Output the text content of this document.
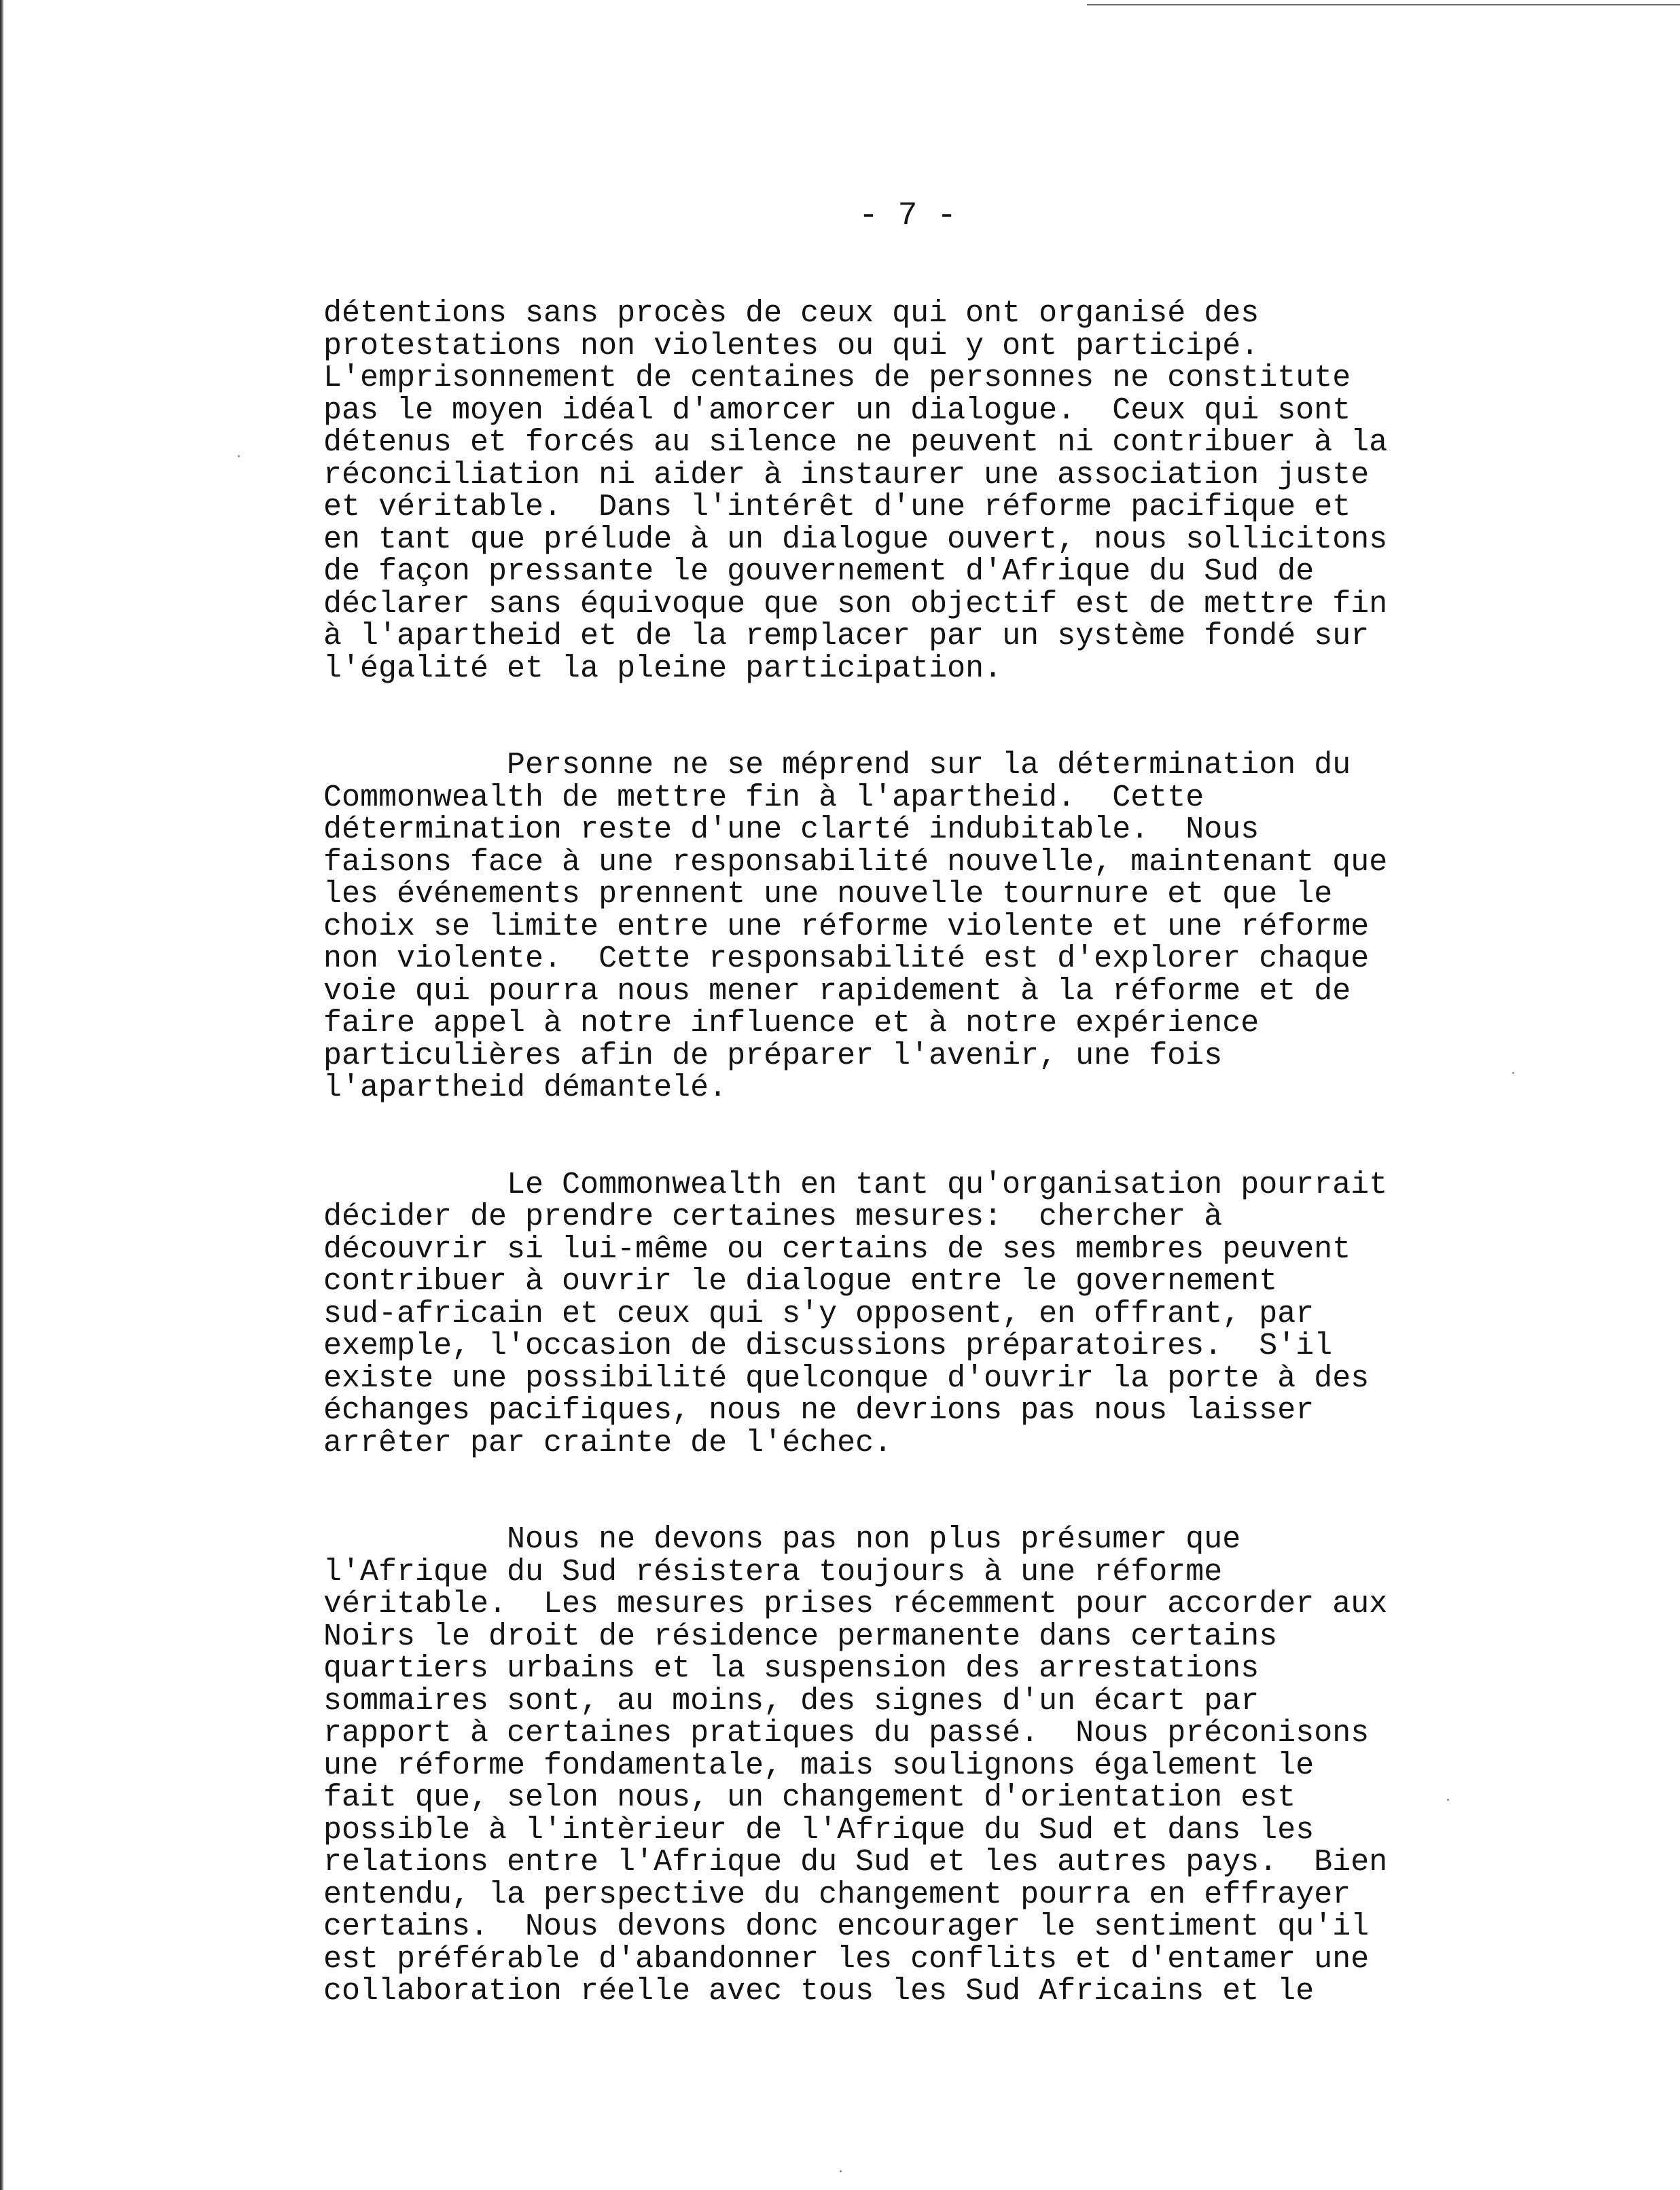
- 7 -
détentions sans procès de ceux qui ont organisé des
protestations non violentes ou qui y ont participé.
L'emprisonnement de centaines de personnes ne constitute
pas le moyen idéal d'amorcer un dialogue.  Ceux qui sont
détenus et forcés au silence ne peuvent ni contribuer à la
réconciliation ni aider à instaurer une association juste
et véritable.  Dans l'intérêt d'une réforme pacifique et
en tant que prélude à un dialogue ouvert, nous sollicitons
de façon pressante le gouvernement d'Afrique du Sud de
déclarer sans équivoque que son objectif est de mettre fin
à l'apartheid et de la remplacer par un système fondé sur
l'égalité et la pleine participation.
Personne ne se méprend sur la détermination du
Commonwealth de mettre fin à l'apartheid.  Cette
détermination reste d'une clarté indubitable.  Nous
faisons face à une responsabilité nouvelle, maintenant que
les événements prennent une nouvelle tournure et que le
choix se limite entre une réforme violente et une réforme
non violente.  Cette responsabilité est d'explorer chaque
voie qui pourra nous mener rapidement à la réforme et de
faire appel à notre influence et à notre expérience
particulières afin de préparer l'avenir, une fois
l'apartheid démantelé.
Le Commonwealth en tant qu'organisation pourrait
décider de prendre certaines mesures:  chercher à
découvrir si lui-même ou certains de ses membres peuvent
contribuer à ouvrir le dialogue entre le governement
sud-africain et ceux qui s'y opposent, en offrant, par
exemple, l'occasion de discussions préparatoires.  S'il
existe une possibilité quelconque d'ouvrir la porte à des
échanges pacifiques, nous ne devrions pas nous laisser
arrêter par crainte de l'échec.
Nous ne devons pas non plus présumer que
l'Afrique du Sud résistera toujours à une réforme
véritable.  Les mesures prises récemment pour accorder aux
Noirs le droit de résidence permanente dans certains
quartiers urbains et la suspension des arrestations
sommaires sont, au moins, des signes d'un écart par
rapport à certaines pratiques du passé.  Nous préconisons
une réforme fondamentale, mais soulignons également le
fait que, selon nous, un changement d'orientation est
possible à l'intèrieur de l'Afrique du Sud et dans les
relations entre l'Afrique du Sud et les autres pays.  Bien
entendu, la perspective du changement pourra en effrayer
certains.  Nous devons donc encourager le sentiment qu'il
est préférable d'abandonner les conflits et d'entamer une
collaboration réelle avec tous les Sud Africains et le
